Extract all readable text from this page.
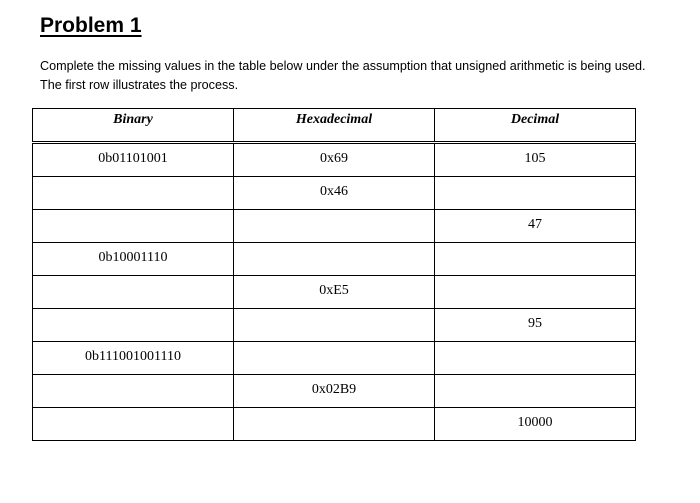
Problem 1
Complete the missing values in the table below under the assumption that unsigned arithmetic is being used. The first row illustrates the process.
Binary	Hexadecimal	Decimal
0b01101001	0x69	105
	0x46	
		47
0b10001110		
	0xE5	
		95
0b111001001110		
	0x02B9	
		10000
